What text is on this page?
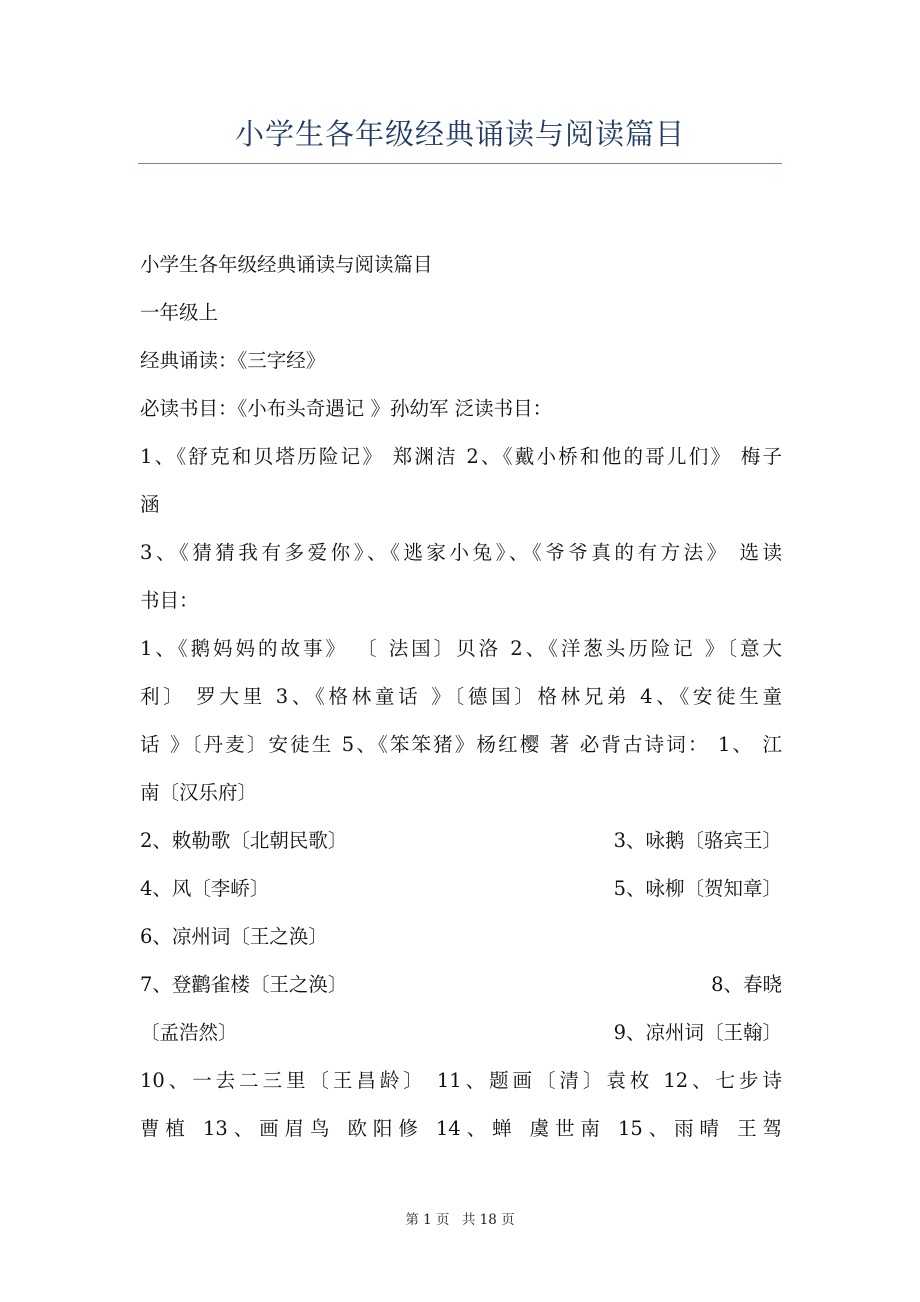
小学生各年级经典诵读与阅读篇目
小学生各年级经典诵读与阅读篇目
一年级上
经典诵读：《三字经》
必读书目：《小布头奇遇记 》孙幼军 泛读书目：
1、《舒克和贝塔历险记》 郑渊洁 2、《戴小桥和他的哥儿们》 梅子
涵
3、《猜猜我有多爱你》、《逃家小兔》、《爷爷真的有方法》 选读
书目：
1、《鹅妈妈的故事》 〔 法国〕贝洛 2、《洋葱头历险记 》〔意大
利〕 罗大里 3、《格林童话 》〔德国〕格林兄弟 4、《安徒生童
话 》〔丹麦〕安徒生 5、《笨笨猪》杨红樱 著 必背古诗词： 1、 江
南〔汉乐府〕
2、敕勒歌〔北朝民歌〕	3、咏鹅〔骆宾王〕
4、风〔李峤〕	5、咏柳〔贺知章〕
6、凉州词〔王之涣〕
7、登鹳雀楼〔王之涣〕	8、春晓
〔孟浩然〕	9、凉州词〔王翰〕
10、一去二三里〔王昌龄〕 11、题画〔清〕袁枚 12、七步诗
曹植 13、画眉鸟 欧阳修 14、蝉 虞世南 15、雨晴 王驾
第 1 页 共 18 页
